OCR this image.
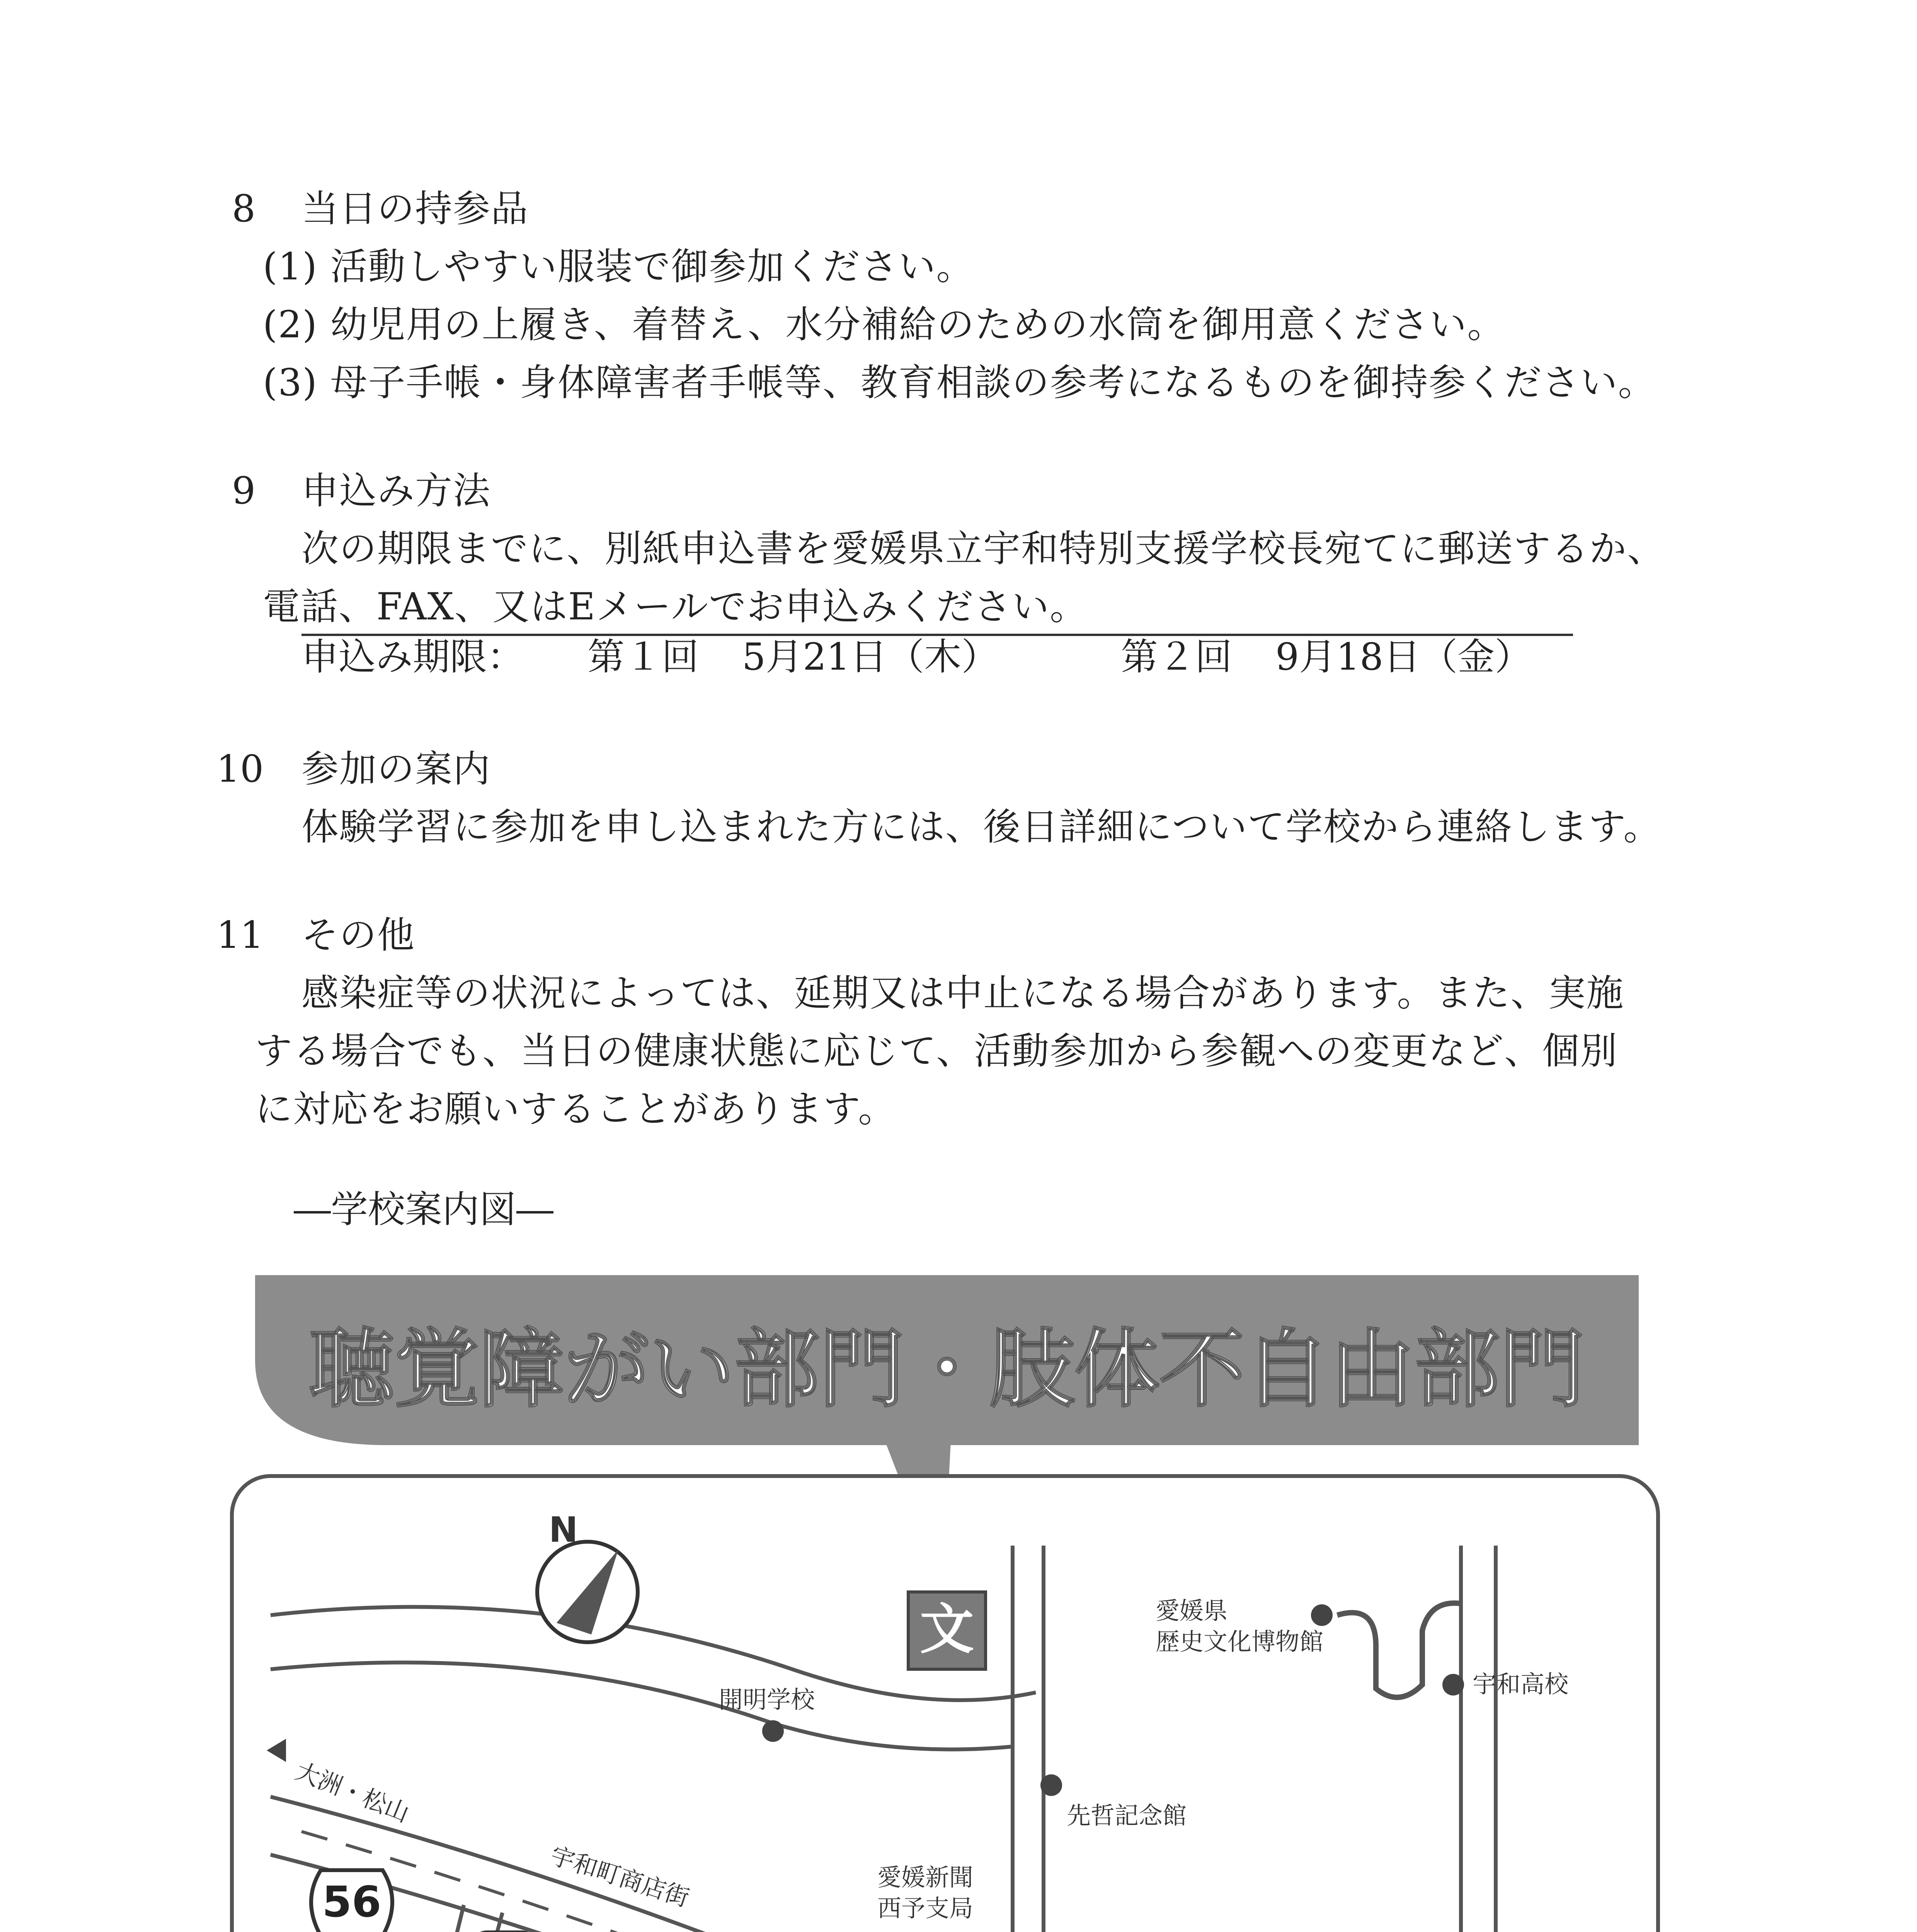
8 当日の持参品
(1) 活動しやすい服装で御参加ください。
(2) 幼児用の上履き、着替え、水分補給のための水筒を御用意ください。
(3) 母子手帳・身体障害者手帳等、教育相談の参考になるものを御持参ください。
9 申込み方法
次の期限までに、別紙申込書を愛媛県立宇和特別支援学校長宛てに郵送するか、
電話、FAX、又はEメールでお申込みください。
申込み期限： 第１回 5月21日（木）	第２回 9月18日（金）
10 参加の案内
体験学習に参加を申し込まれた方には、後日詳細について学校から連絡します。
11 その他
感染症等の状況によっては、延期又は中止になる場合があります。また、実施
する場合でも、当日の健康状態に応じて、活動参加から参観への変更など、個別
に対応をお願いすることがあります。
―学校案内図―
聴覚障がい部門・肢体不自由部門
56
N
文
開明学校
大洲・松山
宇和町商店街	愛媛新聞
西予支局
愛媛県
歴史文化博物館
宇和高校
先哲記念館
